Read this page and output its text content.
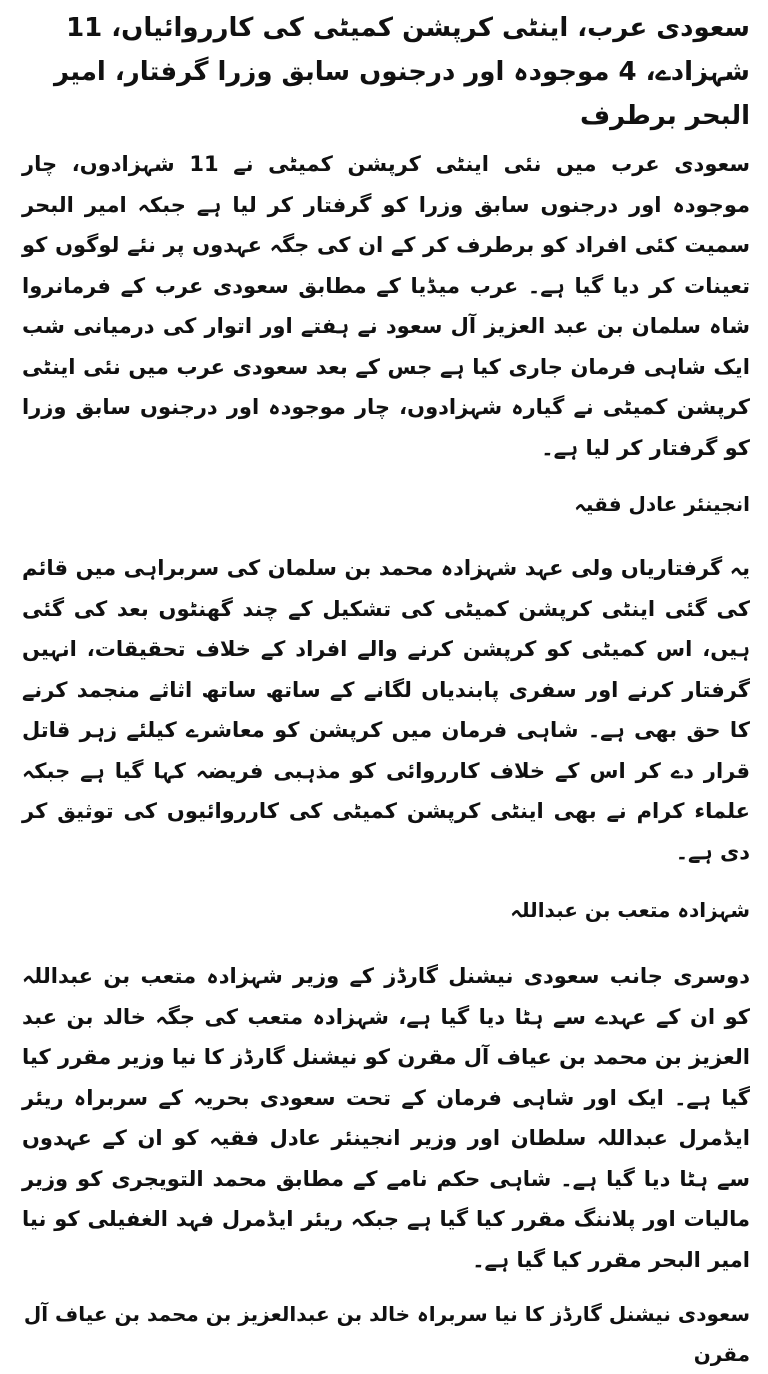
سعودی عرب، اینٹی کرپشن کمیٹی کی کارروائیاں، 11 شہزادے، 4 موجودہ اور درجنوں سابق وزرا گرفتار، امیر البحر برطرف

سعودی عرب میں نئی اینٹی کرپشن کمیٹی نے 11 شہزادوں، چار موجودہ اور درجنوں سابق وزرا کو گرفتار کر لیا ہے جبکہ امیر البحر سمیت کئی افراد کو برطرف کر کے ان کی جگہ عہدوں پر نئے لوگوں کو تعینات کر دیا گیا ہے۔ عرب میڈیا کے مطابق سعودی عرب کے فرمانروا شاہ سلمان بن عبد العزیز آل سعود نے ہفتے اور اتوار کی درمیانی شب ایک شاہی فرمان جاری کیا ہے جس کے بعد سعودی عرب میں نئی اینٹی کرپشن کمیٹی نے گیارہ شہزادوں، چار موجودہ اور درجنوں سابق وزرا کو گرفتار کر لیا ہے۔

انجینئر عادل فقیہ

یہ گرفتاریاں ولی عہد شہزادہ محمد بن سلمان کی سربراہی میں قائم کی گئی اینٹی کرپشن کمیٹی کی تشکیل کے چند گھنٹوں بعد کی گئی ہیں، اس کمیٹی کو کرپشن کرنے والے افراد کے خلاف تحقیقات، انہیں گرفتار کرنے اور سفری پابندیاں لگانے کے ساتھ ساتھ اثاثے منجمد کرنے کا حق بھی ہے۔ شاہی فرمان میں کرپشن کو معاشرے کیلئے زہر قاتل قرار دے کر اس کے خلاف کارروائی کو مذہبی فریضہ کہا گیا ہے جبکہ علماء کرام نے بھی اینٹی کرپشن کمیٹی کی کارروائیوں کی توثیق کر دی ہے۔

شہزادہ متعب بن عبداللہ

دوسری جانب سعودی نیشنل گارڈز کے وزیر شہزادہ متعب بن عبداللہ کو ان کے عہدے سے ہٹا دیا گیا ہے، شہزادہ متعب کی جگہ خالد بن عبد العزیز بن محمد بن عیاف آل مقرن کو نیشنل گارڈز کا نیا وزیر مقرر کیا گیا ہے۔ ایک اور شاہی فرمان کے تحت سعودی بحریہ کے سربراہ ریئر ایڈمرل عبداللہ سلطان اور وزیر انجینئر عادل فقیہ کو ان کے عہدوں سے ہٹا دیا گیا ہے۔ شاہی حکم نامے کے مطابق محمد التویجری کو وزیر مالیات اور پلاننگ مقرر کیا گیا ہے جبکہ ریئر ایڈمرل فہد الغفیلی کو نیا امیر البحر مقرر کیا گیا ہے۔

سعودی نیشنل گارڈز کا نیا سربراہ خالد بن عبدالعزیز بن محمد بن عیاف آل مقرن
